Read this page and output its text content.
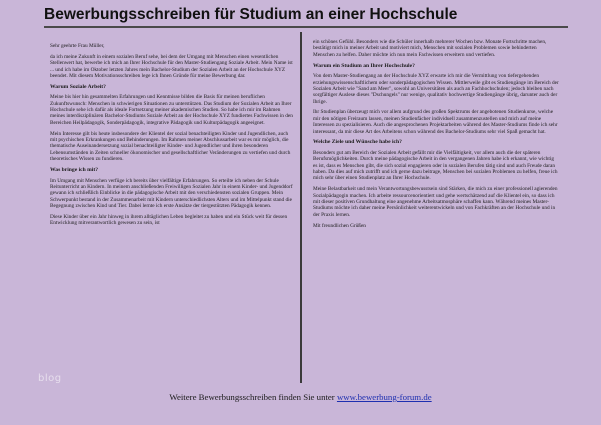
Bewerbungsschreiben für Studium an einer Hochschule

Sehr geehrte Frau Müller,

da ich meine Zukunft in einem sozialen Beruf sehe, bei dem der Umgang mit Menschen einen wesentlichen Stellenwert hat, bewerbe ich mich an Ihrer Hochschule für den Master-Studiengang Soziale Arbeit. Mein Name ist ... und ich habe im Oktober letzten Jahres mein Bachelor-Studium der Sozialen Arbeit an der Hochschule XYZ beendet. Mit diesem Motivationsschreiben lege ich Ihnen Gründe für meine Bewerbung dar.

Warum Soziale Arbeit?

Meine bis hier hin gesammelten Erfahrungen und Kenntnisse bilden die Basis für meinen beruflichen Zukunftswunsch: Menschen in schwierigen Situationen zu unterstützen. Das Studium der Sozialen Arbeit an Ihrer Hochschule sehe ich dafür als ideale Fortsetzung meiner akademischen Studien. So habe ich mir im Rahmen meines interdisziplinären Bachelor-Studiums Soziale Arbeit an der Hochschule XYZ fundiertes Fachwissen in den Bereichen Heilpädagogik, Sonderpädagogik, integrative Pädagogik und Kulturpädagogik angeeignet.

Mein Interesse gilt bis heute insbesondere der Klientel der sozial benachteiligten Kinder und Jugendlichen, auch mit psychischen Erkrankungen und Behinderungen. Im Rahmen meiner Abschlussarbeit war es mir möglich, die thematische Auseinandersetzung sozial benachteiligter Kinder- und Jugendlicher und ihren besonderen Lebensumständen in Zeiten schneller ökonomischer und gesellschaftlicher Veränderungen zu vertiefen und durch theoretisches Wissen zu fundieren.

Was bringe ich mit?

Im Umgang mit Menschen verfüge ich bereits über vielfältige Erfahrungen. So erteilte ich neben der Schule Reitunterricht an Kindern. In meinem anschließenden Freiwilligen Sozialen Jahr in einem Kinder- und Jugenddorf gewann ich schließlich Einblicke in die pädagogische Arbeit mit den verschiedensten sozialen Gruppen. Mein Schwerpunkt bestand in der Zusammenarbeit mit Kindern unterschiedlichsten Alters und im Mittelpunkt stand die Begegnung zwischen Kind und Tier. Dabei lernte ich erste Ansätze der tiergestützten Pädagogik kennen.

Diese Kinder über ein Jahr hinweg in ihrem alltäglichen Leben begleitet zu haben und ein Stück weit für dessen Entwicklung mitverantwortlich gewesen zu sein, ist

ein schönes Gefühl. Besonders wie die Schüler innerhalb mehrerer Wochen bzw. Monate Fortschritte machen, bestätigt mich in meiner Arbeit und motiviert mich, Menschen mit sozialen Problemen sowie behinderten Menschen zu helfen. Daher möchte ich nun mein Fachwissen erweitern und vertiefen.

Warum ein Studium an Ihrer Hochschule?

Von dem Master-Studiengang an der Hochschule XYZ erwarte ich mir die Vermittlung von tiefergehenden erziehungswissenschaftlichem oder sonderpädagogischen Wissen. Mittlerweile gibt es Studiengänge im Bereich der Sozialen Arbeit wie "Sand am Meer", sowohl an Universitäten als auch an Fachhochschulen; jedoch bleiben nach sorgfältiger Auslese dieses "Dschungels" nur wenige, qualitativ hochwertige Studiengänge übrig, darunter auch der Ihrige.

Ihr Studienplan überzeugt mich vor allem aufgrund des großen Spektrums der angebotenen Studienkurse, welche mir den nötigen Freiraum lassen, meinen Studienfächer individuell zusammenzustellen und mich auf meine Interessen zu spezialisieren. Auch die angesprochenen Projektarbeiten während des Master-Studiums finde ich sehr interessant, da mir diese Art des Arbeitens schon während des Bachelor-Studiums sehr viel Spaß gemacht hat.

Welche Ziele und Wünsche habe ich?

Besonders gut am Bereich der Sozialen Arbeit gefällt mir die Vielfältigkeit, vor allem auch die der späteren Berufsmöglichkeiten. Durch meine pädagogische Arbeit in den vergangenen Jahren habe ich erkannt, wie wichtig es ist, dass es Menschen gibt, die sich sozial engagieren oder in sozialen Berufen tätig sind und auch Freude daran haben. Da dies auf mich zutrifft und ich gerne dazu beitrage, Menschen bei sozialen Problemen zu helfen, freue ich mich sehr über einen Studienplatz an Ihrer Hochschule.

Meine Belastbarkeit und mein Verantwortungsbewusstsein sind Stärken, die mich zu einer professionell agierenden Sozialpädagogin machen. Ich arbeite ressourcenorientiert und gehe wertschätzend auf die Klientel ein, so dass ich mit dieser positiven Grundhaltung eine angenehme Arbeitsatmosphäre schaffen kann. Während meines Master-Studiums möchte ich daher meine Persönlichkeit weiterentwickeln und von Fachkräften an der Hochschule und in der Praxis lernen.

Mit freundlichen Grüßen

blog
Weitere Bewerbungsschreiben finden Sie unter www.bewerbung-forum.de
